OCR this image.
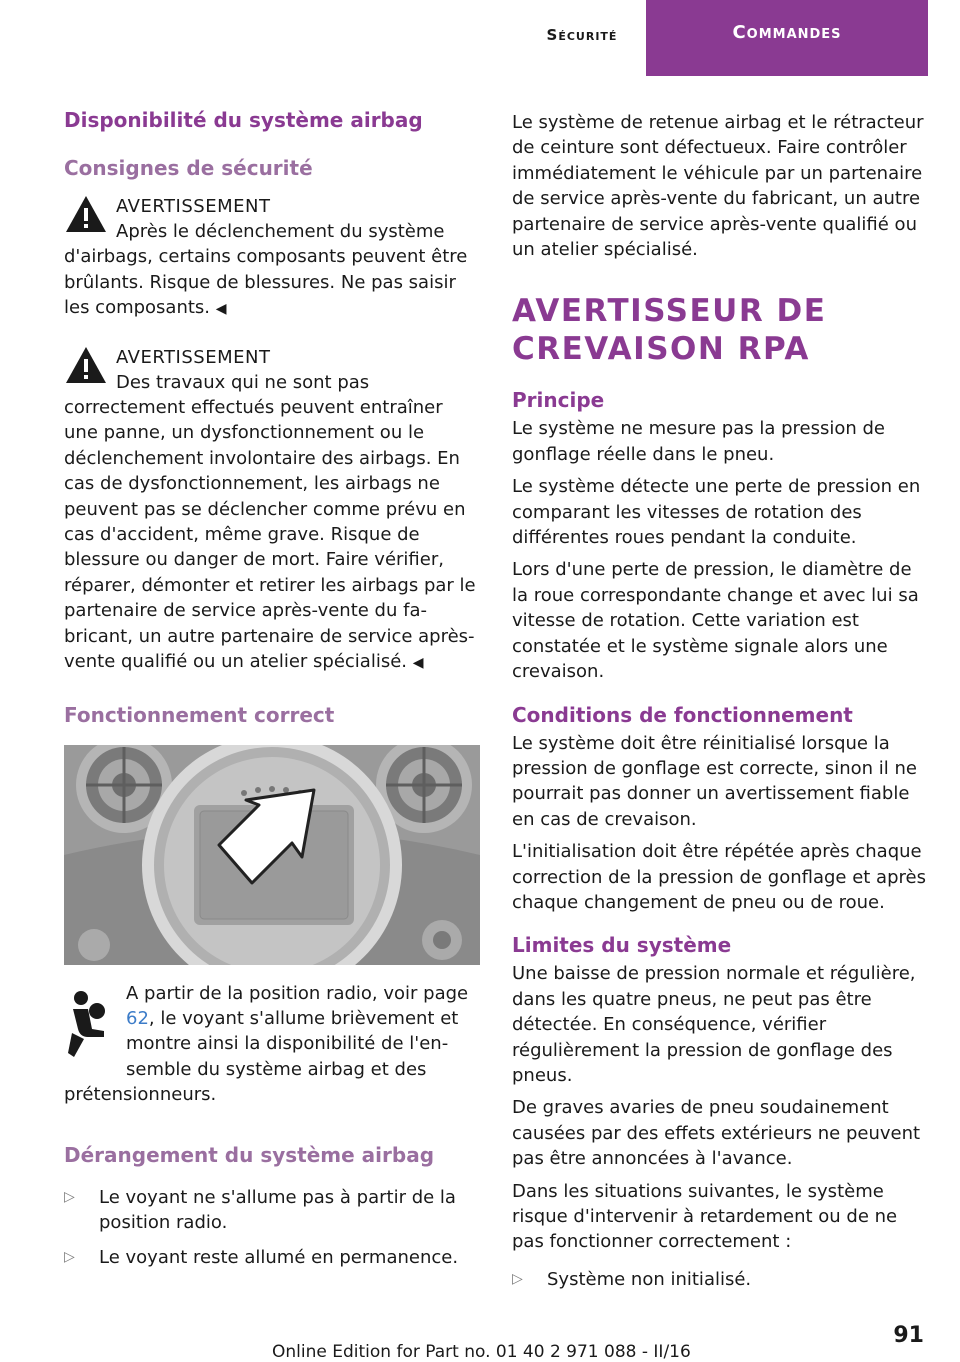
Sécurité	Commandes
Disponibilité du système airbag
Consignes de sécurité
AVERTISSEMENT
Après le déclenchement du système d'airbags, certains composants peuvent être brûlants. Risque de blessures. Ne pas saisir les composants. ◀
AVERTISSEMENT
Des travaux qui ne sont pas correctement effectués peuvent entraîner une panne, un dysfonctionnement ou le déclenchement involontaire des airbags. En cas de dysfonctionnement, les airbags ne peuvent pas se déclencher comme prévu en cas d'accident, même grave. Risque de blessure ou danger de mort. Faire vérifier, réparer, démonter et retirer les airbags par le partenaire de service après-vente du fabricant, un autre partenaire de service après-vente qualifié ou un atelier spécialisé. ◀
Fonctionnement correct

A partir de la position radio, voir page 62, le voyant s'allume brièvement et montre ainsi la disponibilité de l'ensemble du système airbag et des prétensionneurs.

Dérangement du système airbag
▷ Le voyant ne s'allume pas à partir de la position radio.
▷ Le voyant reste allumé en permanence.

Le système de retenue airbag et le rétracteur de ceinture sont défectueux. Faire contrôler immédiatement le véhicule par un partenaire de service après-vente du fabricant, un autre partenaire de service après-vente qualifié ou un atelier spécialisé.

AVERTISSEUR DE CREVAISON RPA
Principe

Le système ne mesure pas la pression de gonflage réelle dans le pneu.

Le système détecte une perte de pression en comparant les vitesses de rotation des différentes roues pendant la conduite.

Lors d'une perte de pression, le diamètre de la roue correspondante change et avec lui sa vitesse de rotation. Cette variation est constatée et le système signale alors une crevaison.

Conditions de fonctionnement

Le système doit être réinitialisé lorsque la pression de gonflage est correcte, sinon il ne pourrait pas donner un avertissement fiable en cas de crevaison.

L'initialisation doit être répétée après chaque correction de la pression de gonflage et après chaque changement de pneu ou de roue.

Limites du système

Une baisse de pression normale et régulière, dans les quatre pneus, ne peut pas être détectée. En conséquence, vérifier régulièrement la pression de gonflage des pneus.

De graves avaries de pneu soudainement causées par des effets extérieurs ne peuvent pas être annoncées à l'avance.

Dans les situations suivantes, le système risque d'intervenir à retardement ou de ne pas fonctionner correctement :

▷ Système non initialisé.
91
Online Edition for Part no. 01 40 2 971 088 - II/16
